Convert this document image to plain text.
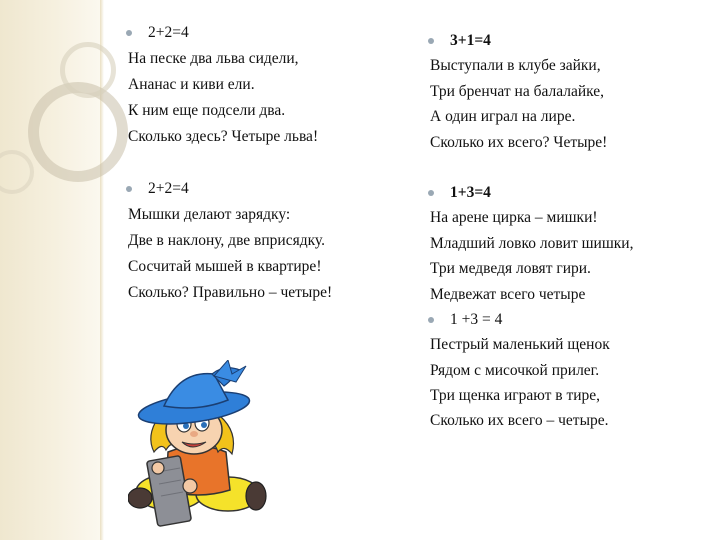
2+2=4
На песке два льва сидели,
Ананас и киви ели.
К ним еще подсели два.
Сколько здесь? Четыре льва!
2+2=4
Мышки делают зарядку:
Две в наклону, две вприсядку.
Сосчитай мышей в квартире!
Сколько? Правильно – четыре!
3+1=4
Выступали в клубе зайки,
Три бренчат на балалайке,
А один играл на лире.
Сколько их всего? Четыре!
1+3=4
На арене цирка – мишки!
Младший ловко ловит шишки,
Три медведя ловят гири.
Медвежат всего четыре
1 +3 = 4
Пестрый маленький щенок
Рядом с мисочкой прилег.
Три щенка играют в тире,
Сколько их всего – четыре.
